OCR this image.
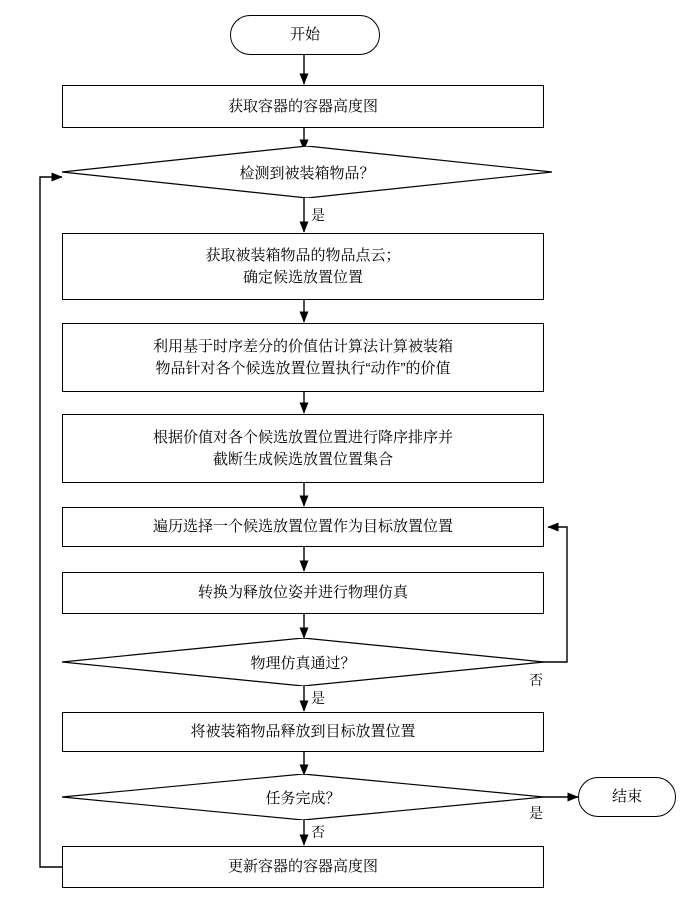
开始
获取容器的容器高度图
检测到被装箱物品？
是
获取被装箱物品的物品点云；
确定候选放置位置
利用基于时序差分的价值估计算法计算被装箱
物品针对各个候选放置位置执行“动作”的价值
根据价值对各个候选放置位置进行降序排序并
截断生成候选放置位置集合
遍历选择一个候选放置位置作为目标放置位置
转换为释放位姿并进行物理仿真
物理仿真通过？
是
否
将被装箱物品释放到目标放置位置
任务完成？
否
是
结束
更新容器的容器高度图
